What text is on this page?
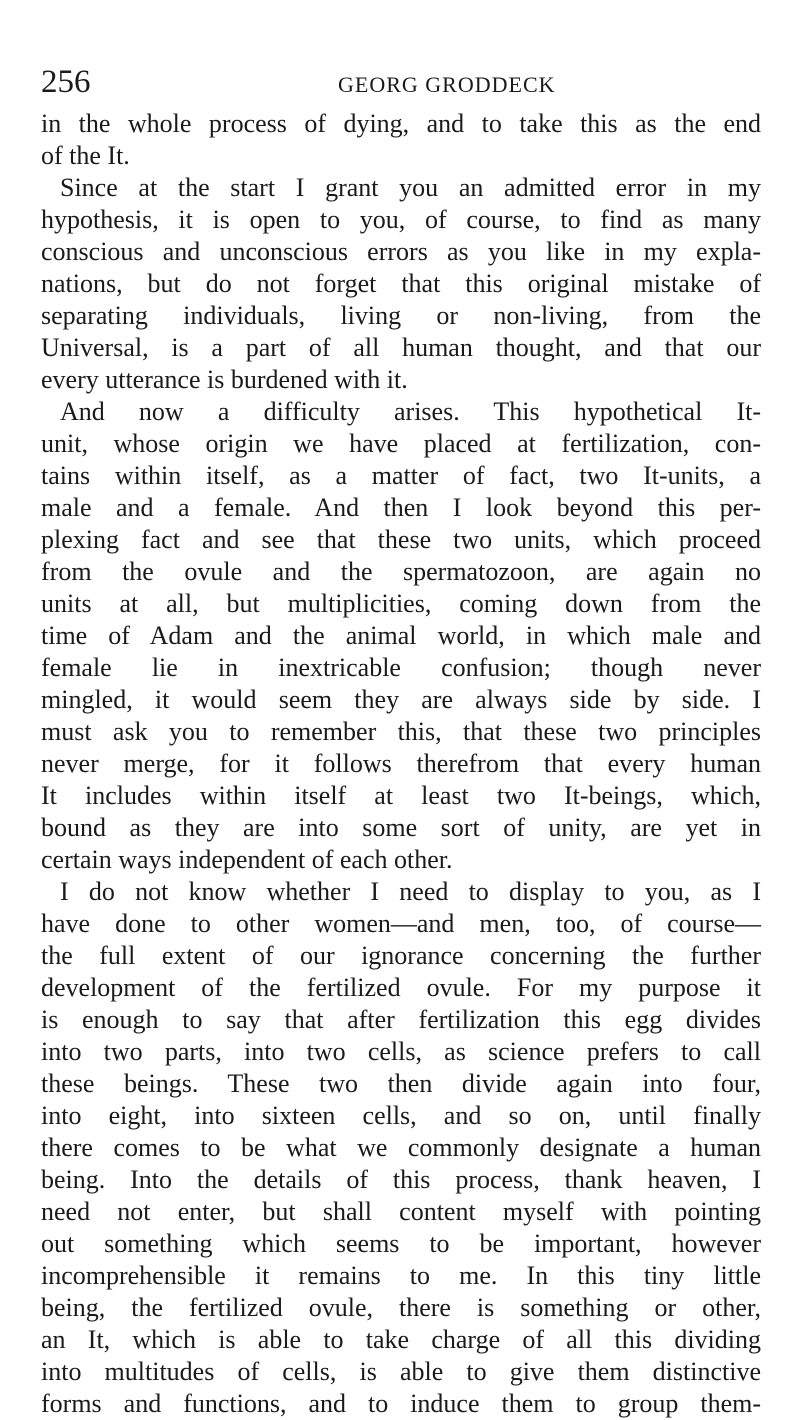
256	GEORG GRODDECK
in the whole process of dying, and to take this as the end
of the It.
Since at the start I grant you an admitted error in my
hypothesis, it is open to you, of course, to find as many
conscious and unconscious errors as you like in my expla-
nations, but do not forget that this original mistake of
separating individuals, living or non-living, from the
Universal, is a part of all human thought, and that our
every utterance is burdened with it.
And now a difficulty arises. This hypothetical It-
unit, whose origin we have placed at fertilization, con-
tains within itself, as a matter of fact, two It-units, a
male and a female. And then I look beyond this per-
plexing fact and see that these two units, which proceed
from the ovule and the spermatozoon, are again no
units at all, but multiplicities, coming down from the
time of Adam and the animal world, in which male and
female lie in inextricable confusion; though never
mingled, it would seem they are always side by side. I
must ask you to remember this, that these two principles
never merge, for it follows therefrom that every human
It includes within itself at least two It-beings, which,
bound as they are into some sort of unity, are yet in
certain ways independent of each other.
I do not know whether I need to display to you, as I
have done to other women—and men, too, of course—
the full extent of our ignorance concerning the further
development of the fertilized ovule. For my purpose it
is enough to say that after fertilization this egg divides
into two parts, into two cells, as science prefers to call
these beings. These two then divide again into four,
into eight, into sixteen cells, and so on, until finally
there comes to be what we commonly designate a human
being. Into the details of this process, thank heaven, I
need not enter, but shall content myself with pointing
out something which seems to be important, however
incomprehensible it remains to me. In this tiny little
being, the fertilized ovule, there is something or other,
an It, which is able to take charge of all this dividing
into multitudes of cells, is able to give them distinctive
forms and functions, and to induce them to group them-
